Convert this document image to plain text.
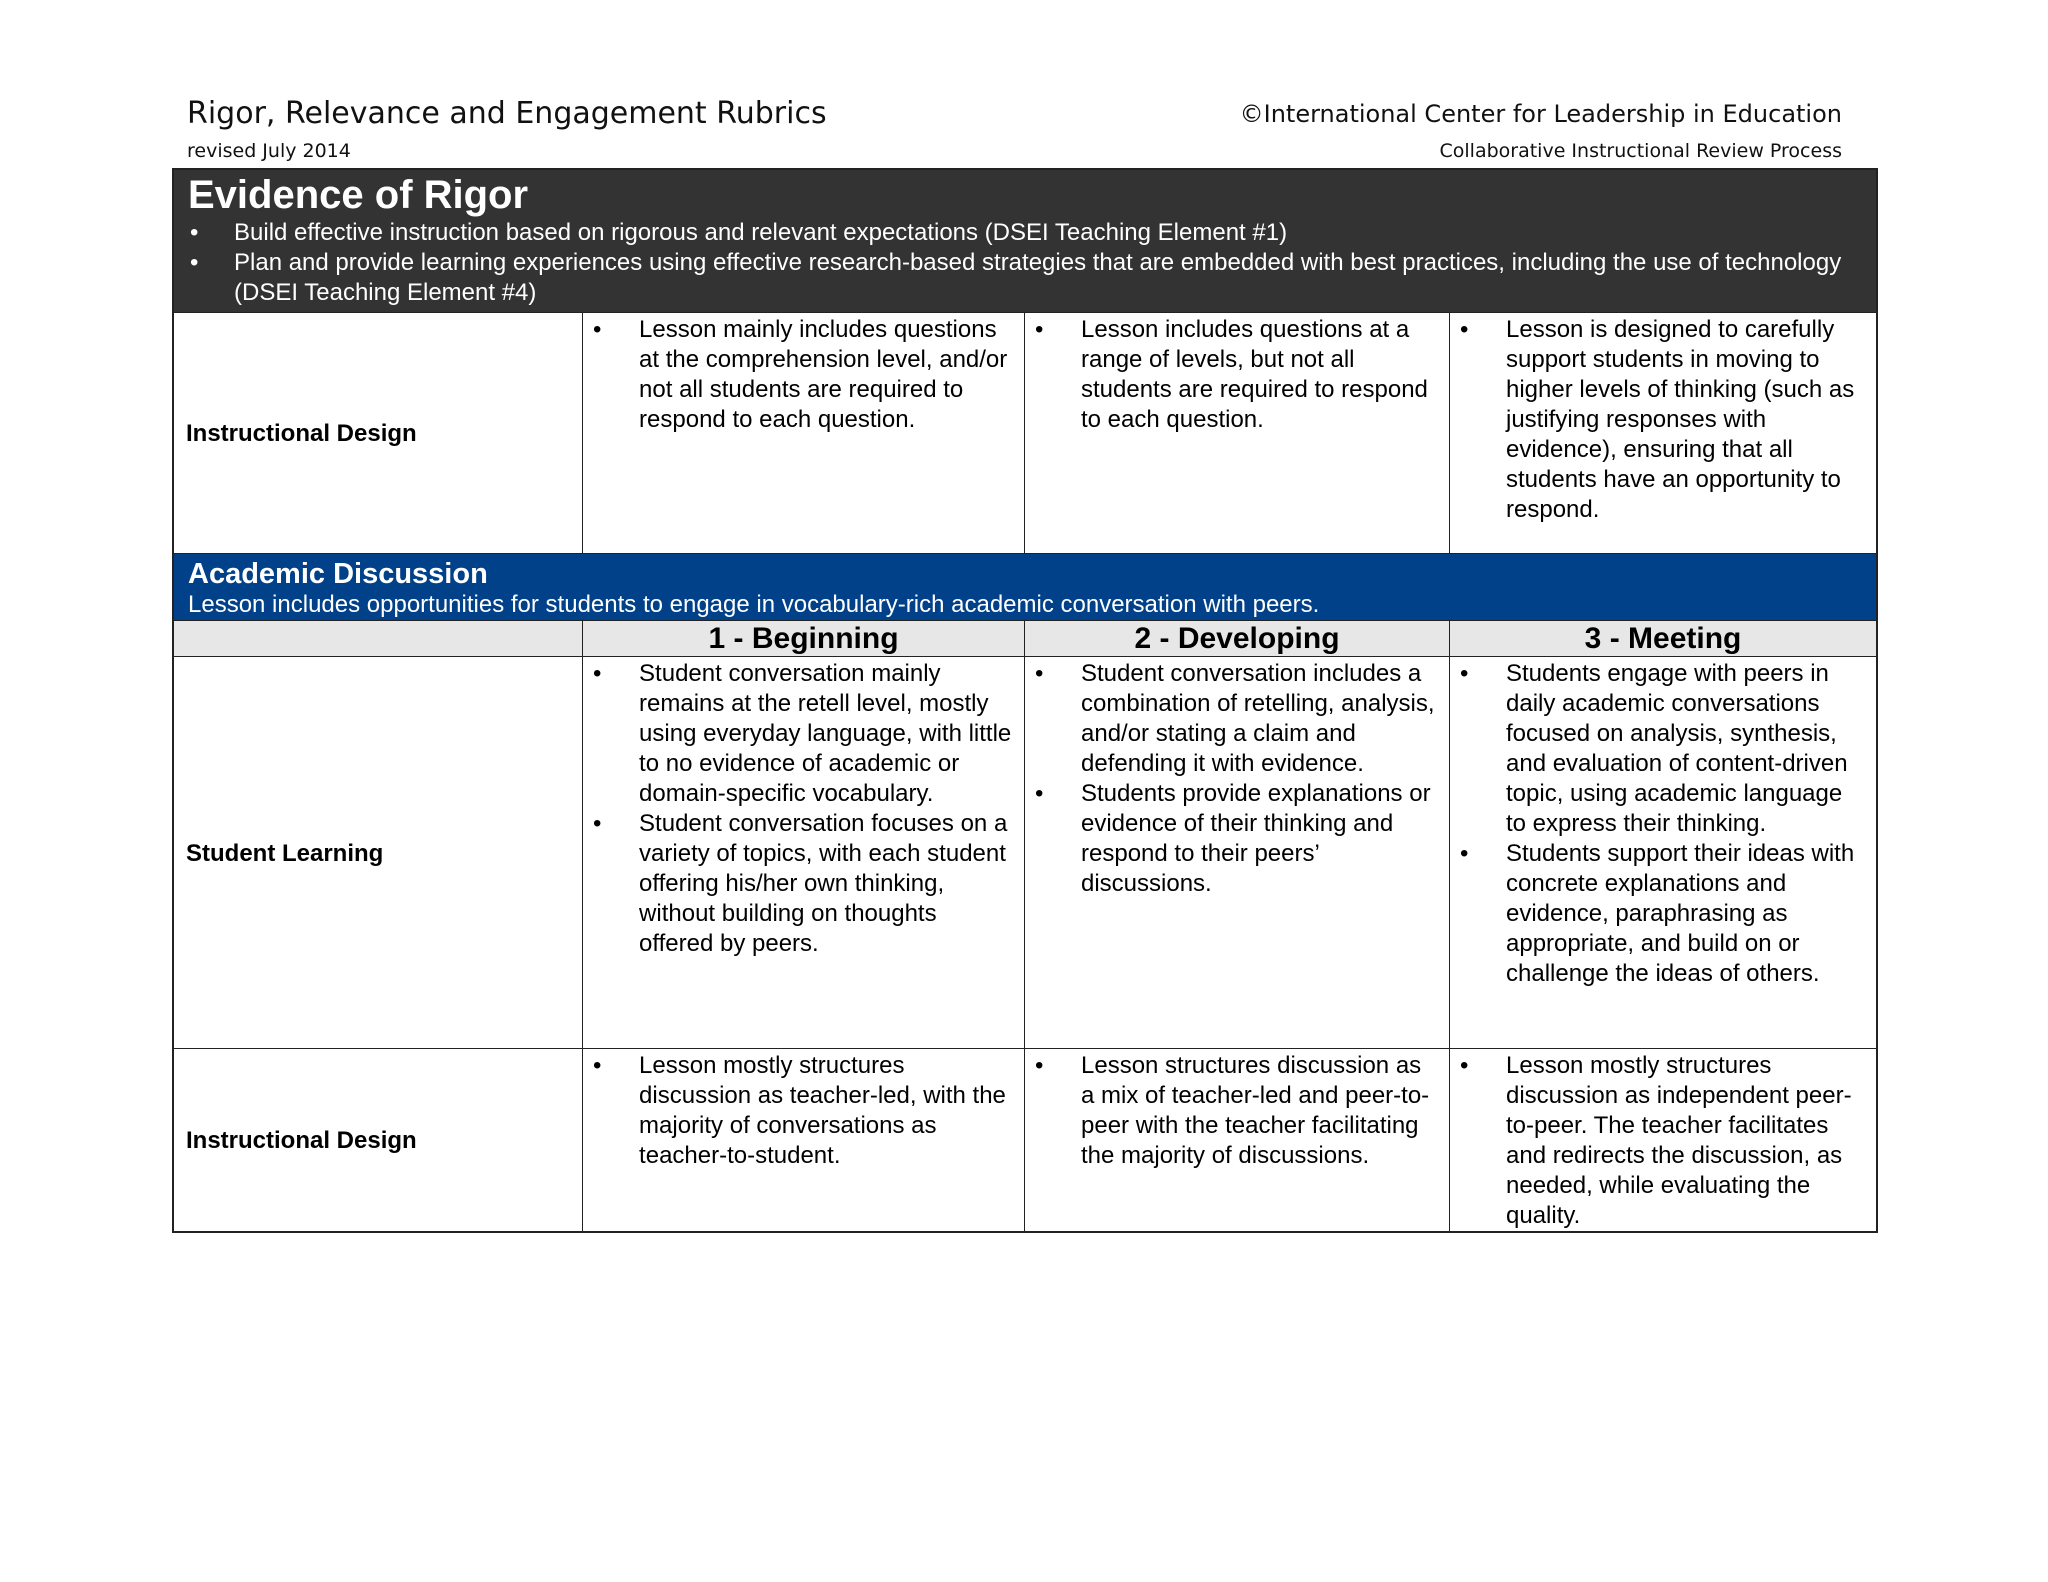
Rigor, Relevance and Engagement Rubrics
revised July 2014
©International Center for Leadership in Education
Collaborative Instructional Review Process
Evidence of Rigor
• Build effective instruction based on rigorous and relevant expectations (DSEI Teaching Element #1)
• Plan and provide learning experiences using effective research-based strategies that are embedded with best practices, including the use of technology (DSEI Teaching Element #4)
Instructional Design
• Lesson mainly includes questions at the comprehension level, and/or not all students are required to respond to each question.
• Lesson includes questions at a range of levels, but not all students are required to respond to each question.
• Lesson is designed to carefully support students in moving to higher levels of thinking (such as justifying responses with evidence), ensuring that all students have an opportunity to respond.
Academic Discussion
Lesson includes opportunities for students to engage in vocabulary-rich academic conversation with peers.
1 - Beginning	2 - Developing	3 - Meeting
Student Learning
• Student conversation mainly remains at the retell level, mostly using everyday language, with little to no evidence of academic or domain-specific vocabulary.
• Student conversation focuses on a variety of topics, with each student offering his/her own thinking, without building on thoughts offered by peers.
• Student conversation includes a combination of retelling, analysis, and/or stating a claim and defending it with evidence.
• Students provide explanations or evidence of their thinking and respond to their peers’ discussions.
• Students engage with peers in daily academic conversations focused on analysis, synthesis, and evaluation of content-driven topic, using academic language to express their thinking.
• Students support their ideas with concrete explanations and evidence, paraphrasing as appropriate, and build on or challenge the ideas of others.
Instructional Design
• Lesson mostly structures discussion as teacher-led, with the majority of conversations as teacher-to-student.
• Lesson structures discussion as a mix of teacher-led and peer-to-peer with the teacher facilitating the majority of discussions.
• Lesson mostly structures discussion as independent peer-to-peer. The teacher facilitates and redirects the discussion, as needed, while evaluating the quality.
